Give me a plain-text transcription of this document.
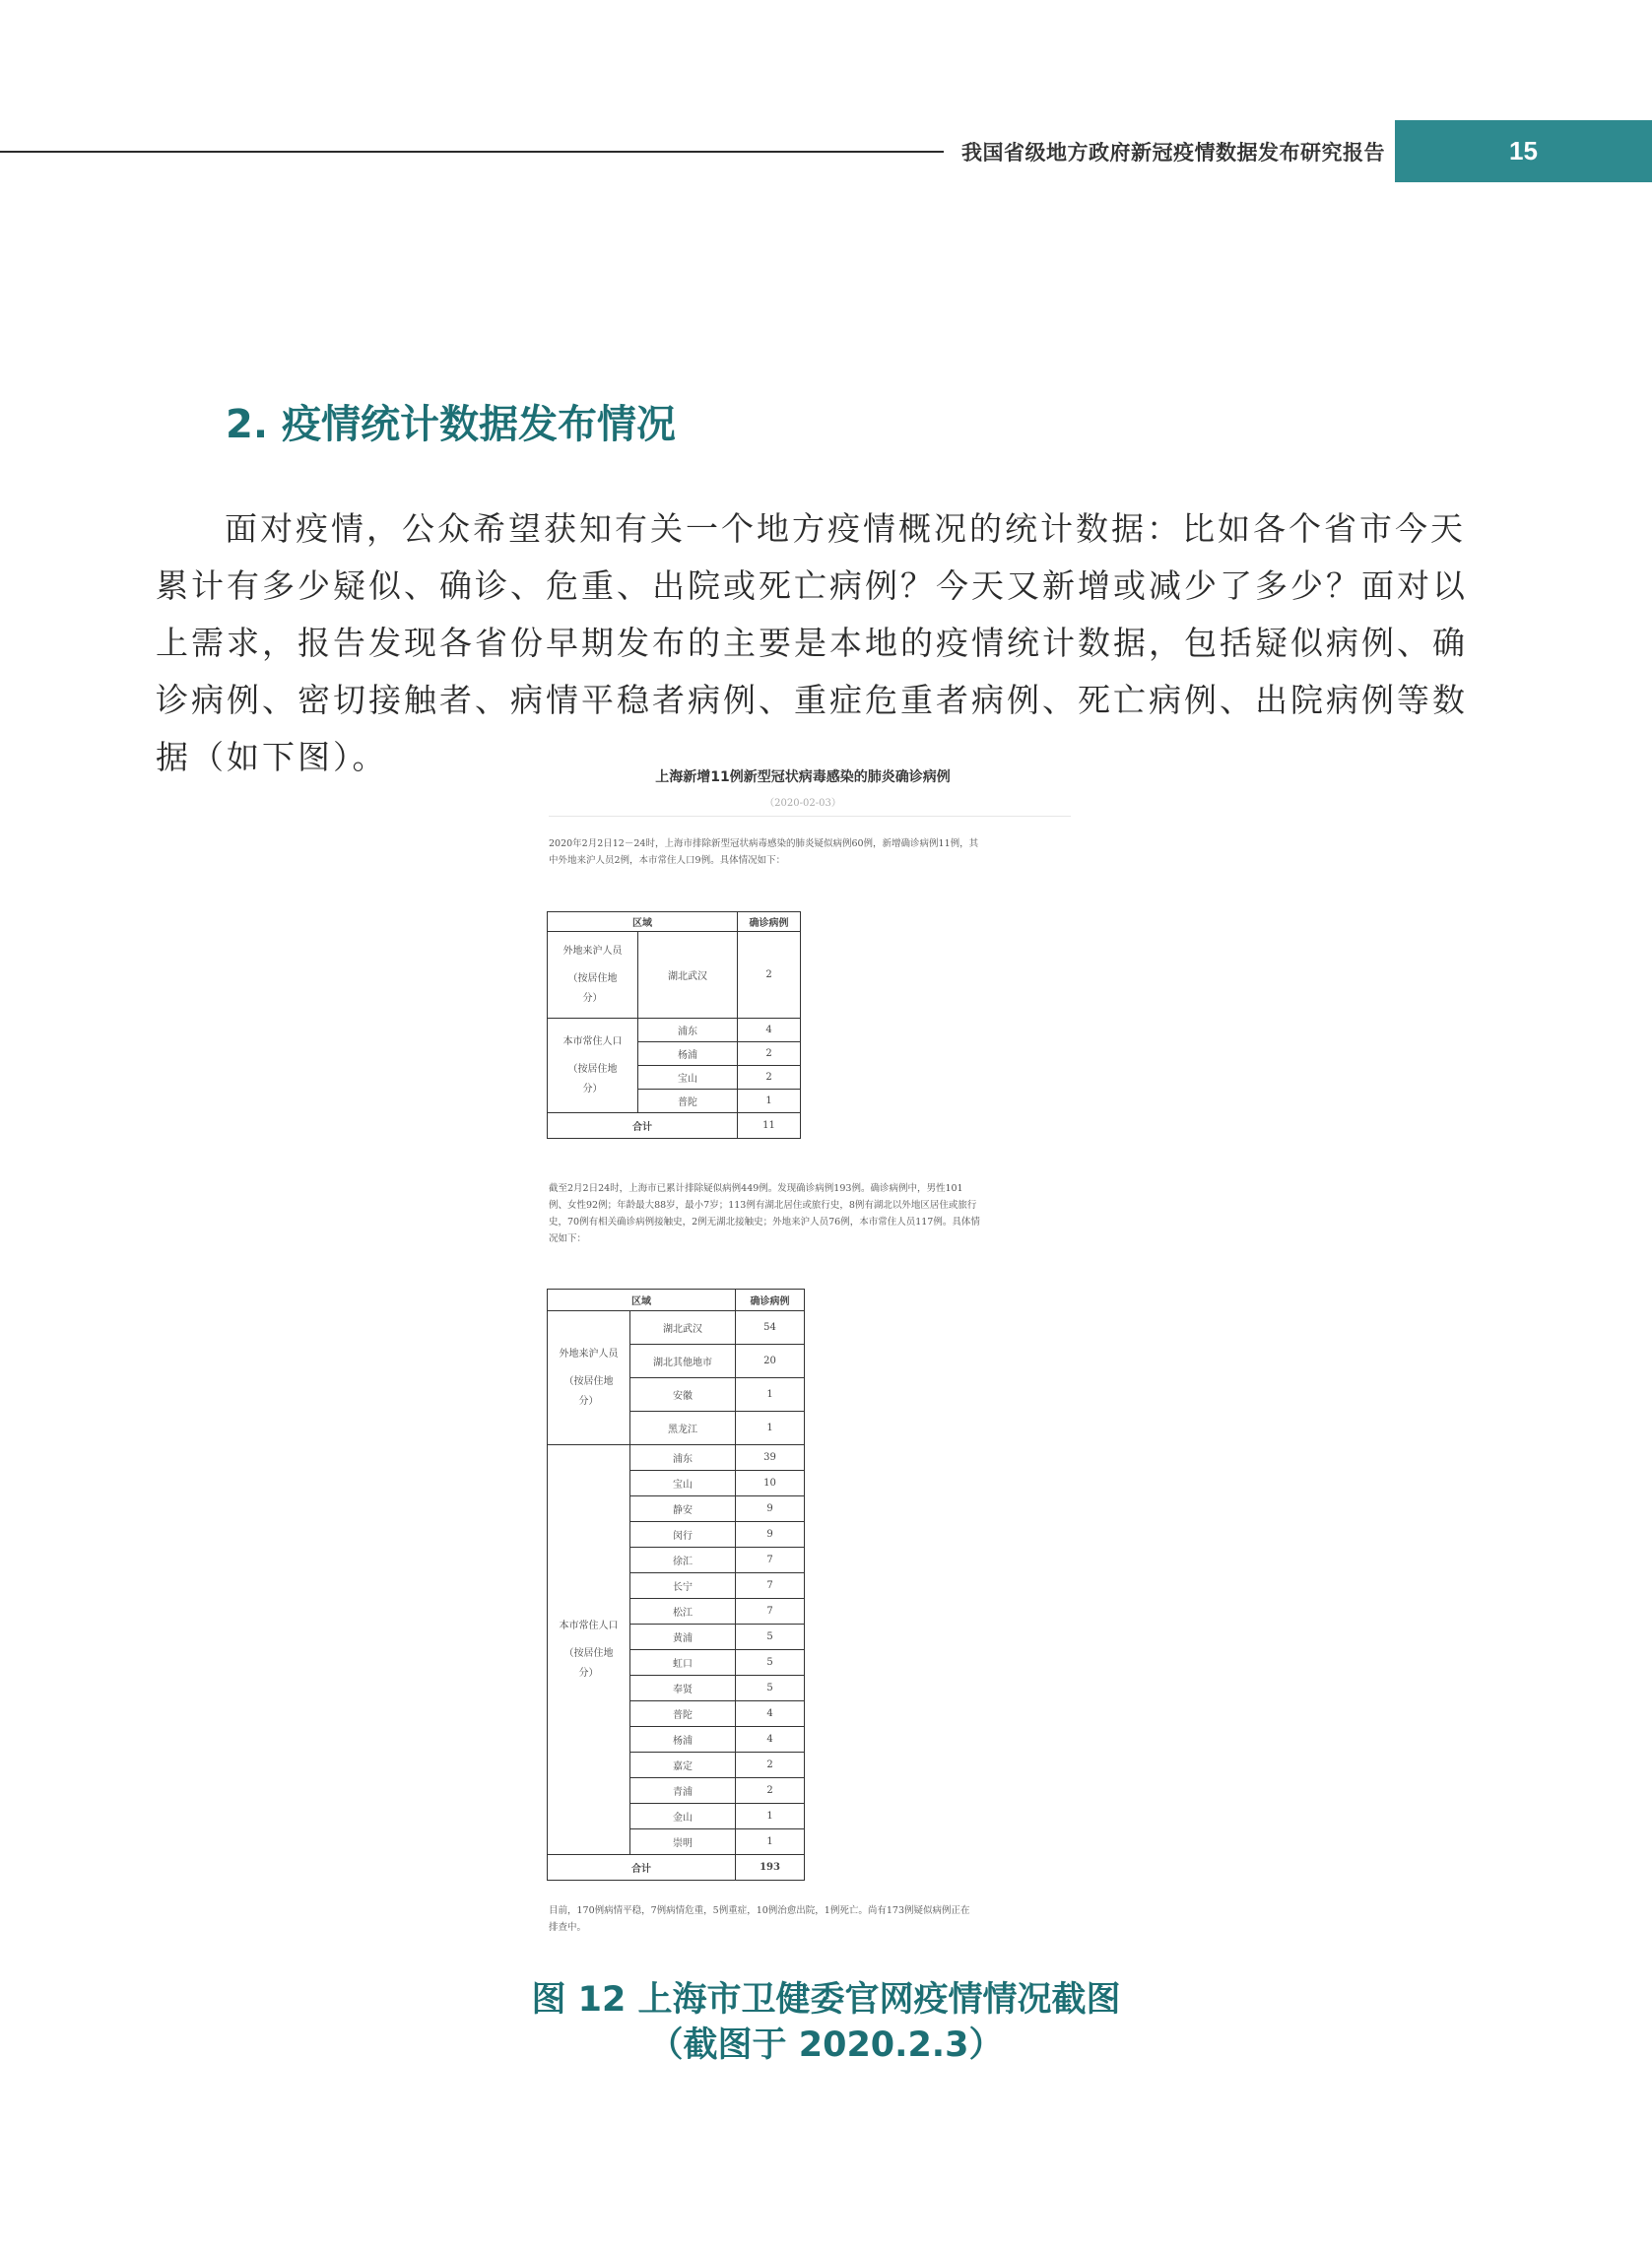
我国省级地方政府新冠疫情数据发布研究报告	15
2. 疫情统计数据发布情况
面对疫情，公众希望获知有关一个地方疫情概况的统计数据：比如各个省市今天
累计有多少疑似、确诊、危重、出院或死亡病例？今天又新增或减少了多少？面对以
上需求，报告发现各省份早期发布的主要是本地的疫情统计数据，包括疑似病例、确
诊病例、密切接触者、病情平稳者病例、重症危重者病例、死亡病例、出院病例等数
据（如下图）。
上海新增11例新型冠状病毒感染的肺炎确诊病例
（2020-02-03）
2020年2月2日12－24时，上海市排除新型冠状病毒感染的肺炎疑似病例60例，新增确诊病例11例，其
中外地来沪人员2例，本市常住人口9例。具体情况如下：
区域		确诊病例

外地来沪人员
（按居住地
分）	湖北武汉	2

本市常住人口
（按居住地
分）	浦东	4
	杨浦	2
	宝山	2
	普陀	1
合计		11
截至2月2日24时，上海市已累计排除疑似病例449例。发现确诊病例193例。确诊病例中，男性101
例、女性92例；年龄最大88岁，最小7岁；113例有湖北居住或旅行史，8例有湖北以外地区居住或旅行
史，70例有相关确诊病例接触史，2例无湖北接触史；外地来沪人员76例，本市常住人员117例。具体情
况如下：
区域		确诊病例

外地来沪人员
（按居住地
分）	湖北武汉	54
	湖北其他地市	20
	安徽	1
	黑龙江	1

本市常住人口
（按居住地
分）	浦东	39
	宝山	10
	静安	9
	闵行	9
	徐汇	7
	长宁	7
	松江	7
	黄浦	5
	虹口	5
	奉贤	5
	普陀	4
	杨浦	4
	嘉定	2
	青浦	2
	金山	1
	崇明	1
合计		193
目前，170例病情平稳，7例病情危重，5例重症，10例治愈出院，1例死亡。尚有173例疑似病例正在
排查中。
图 12 上海市卫健委官网疫情情况截图
（截图于 2020.2.3）
